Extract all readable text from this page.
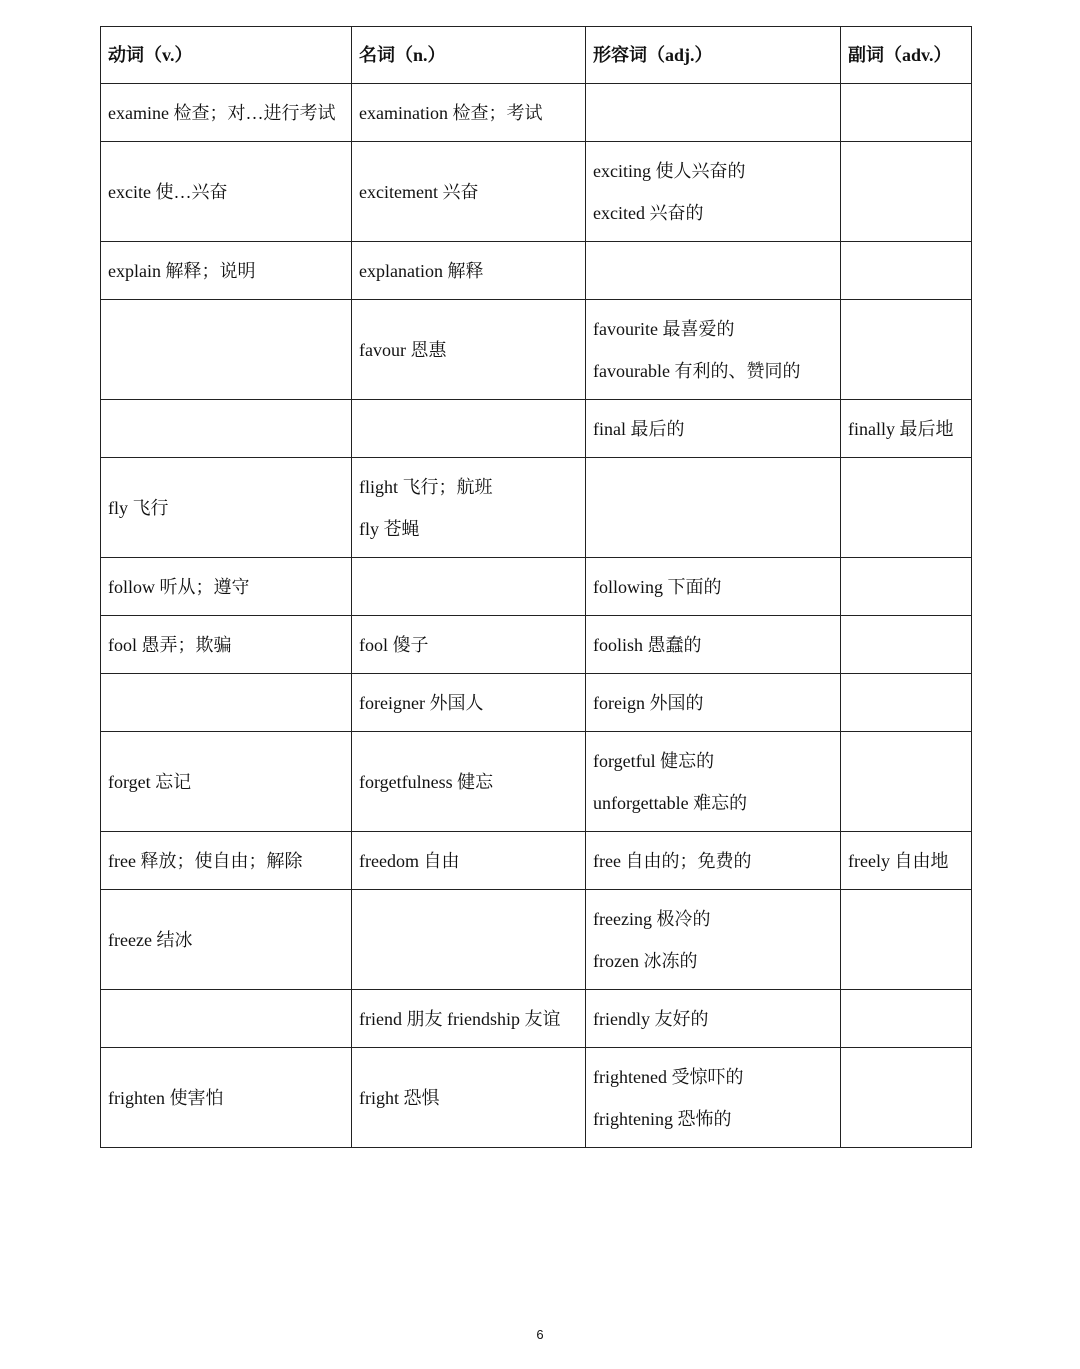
动词（v.）	名词（n.）	形容词（adj.）	副词（adv.）

examine 检查；对…进行考试	examination 检查；考试		

excite 使…兴奋	excitement 兴奋	exciting 使人兴奋的
excited 兴奋的	

explain 解释；说明	explanation 解释		

	favour 恩惠	favourite 最喜爱的
favourable 有利的、赞同的	

		final 最后的	finally 最后地

fly 飞行	flight 飞行；航班
fly 苍蝇		

follow 听从；遵守		following 下面的	

fool 愚弄；欺骗	fool 傻子	foolish 愚蠢的	

	foreigner 外国人	foreign 外国的	

forget 忘记	forgetfulness 健忘	forgetful 健忘的
unforgettable 难忘的	

free 释放；使自由；解除	freedom 自由	free 自由的；免费的	freely 自由地

freeze 结冰		freezing 极冷的
frozen 冰冻的	

	friend 朋友 friendship 友谊	friendly 友好的	

frighten 使害怕	fright 恐惧	frightened 受惊吓的
frightening 恐怖的	

6
